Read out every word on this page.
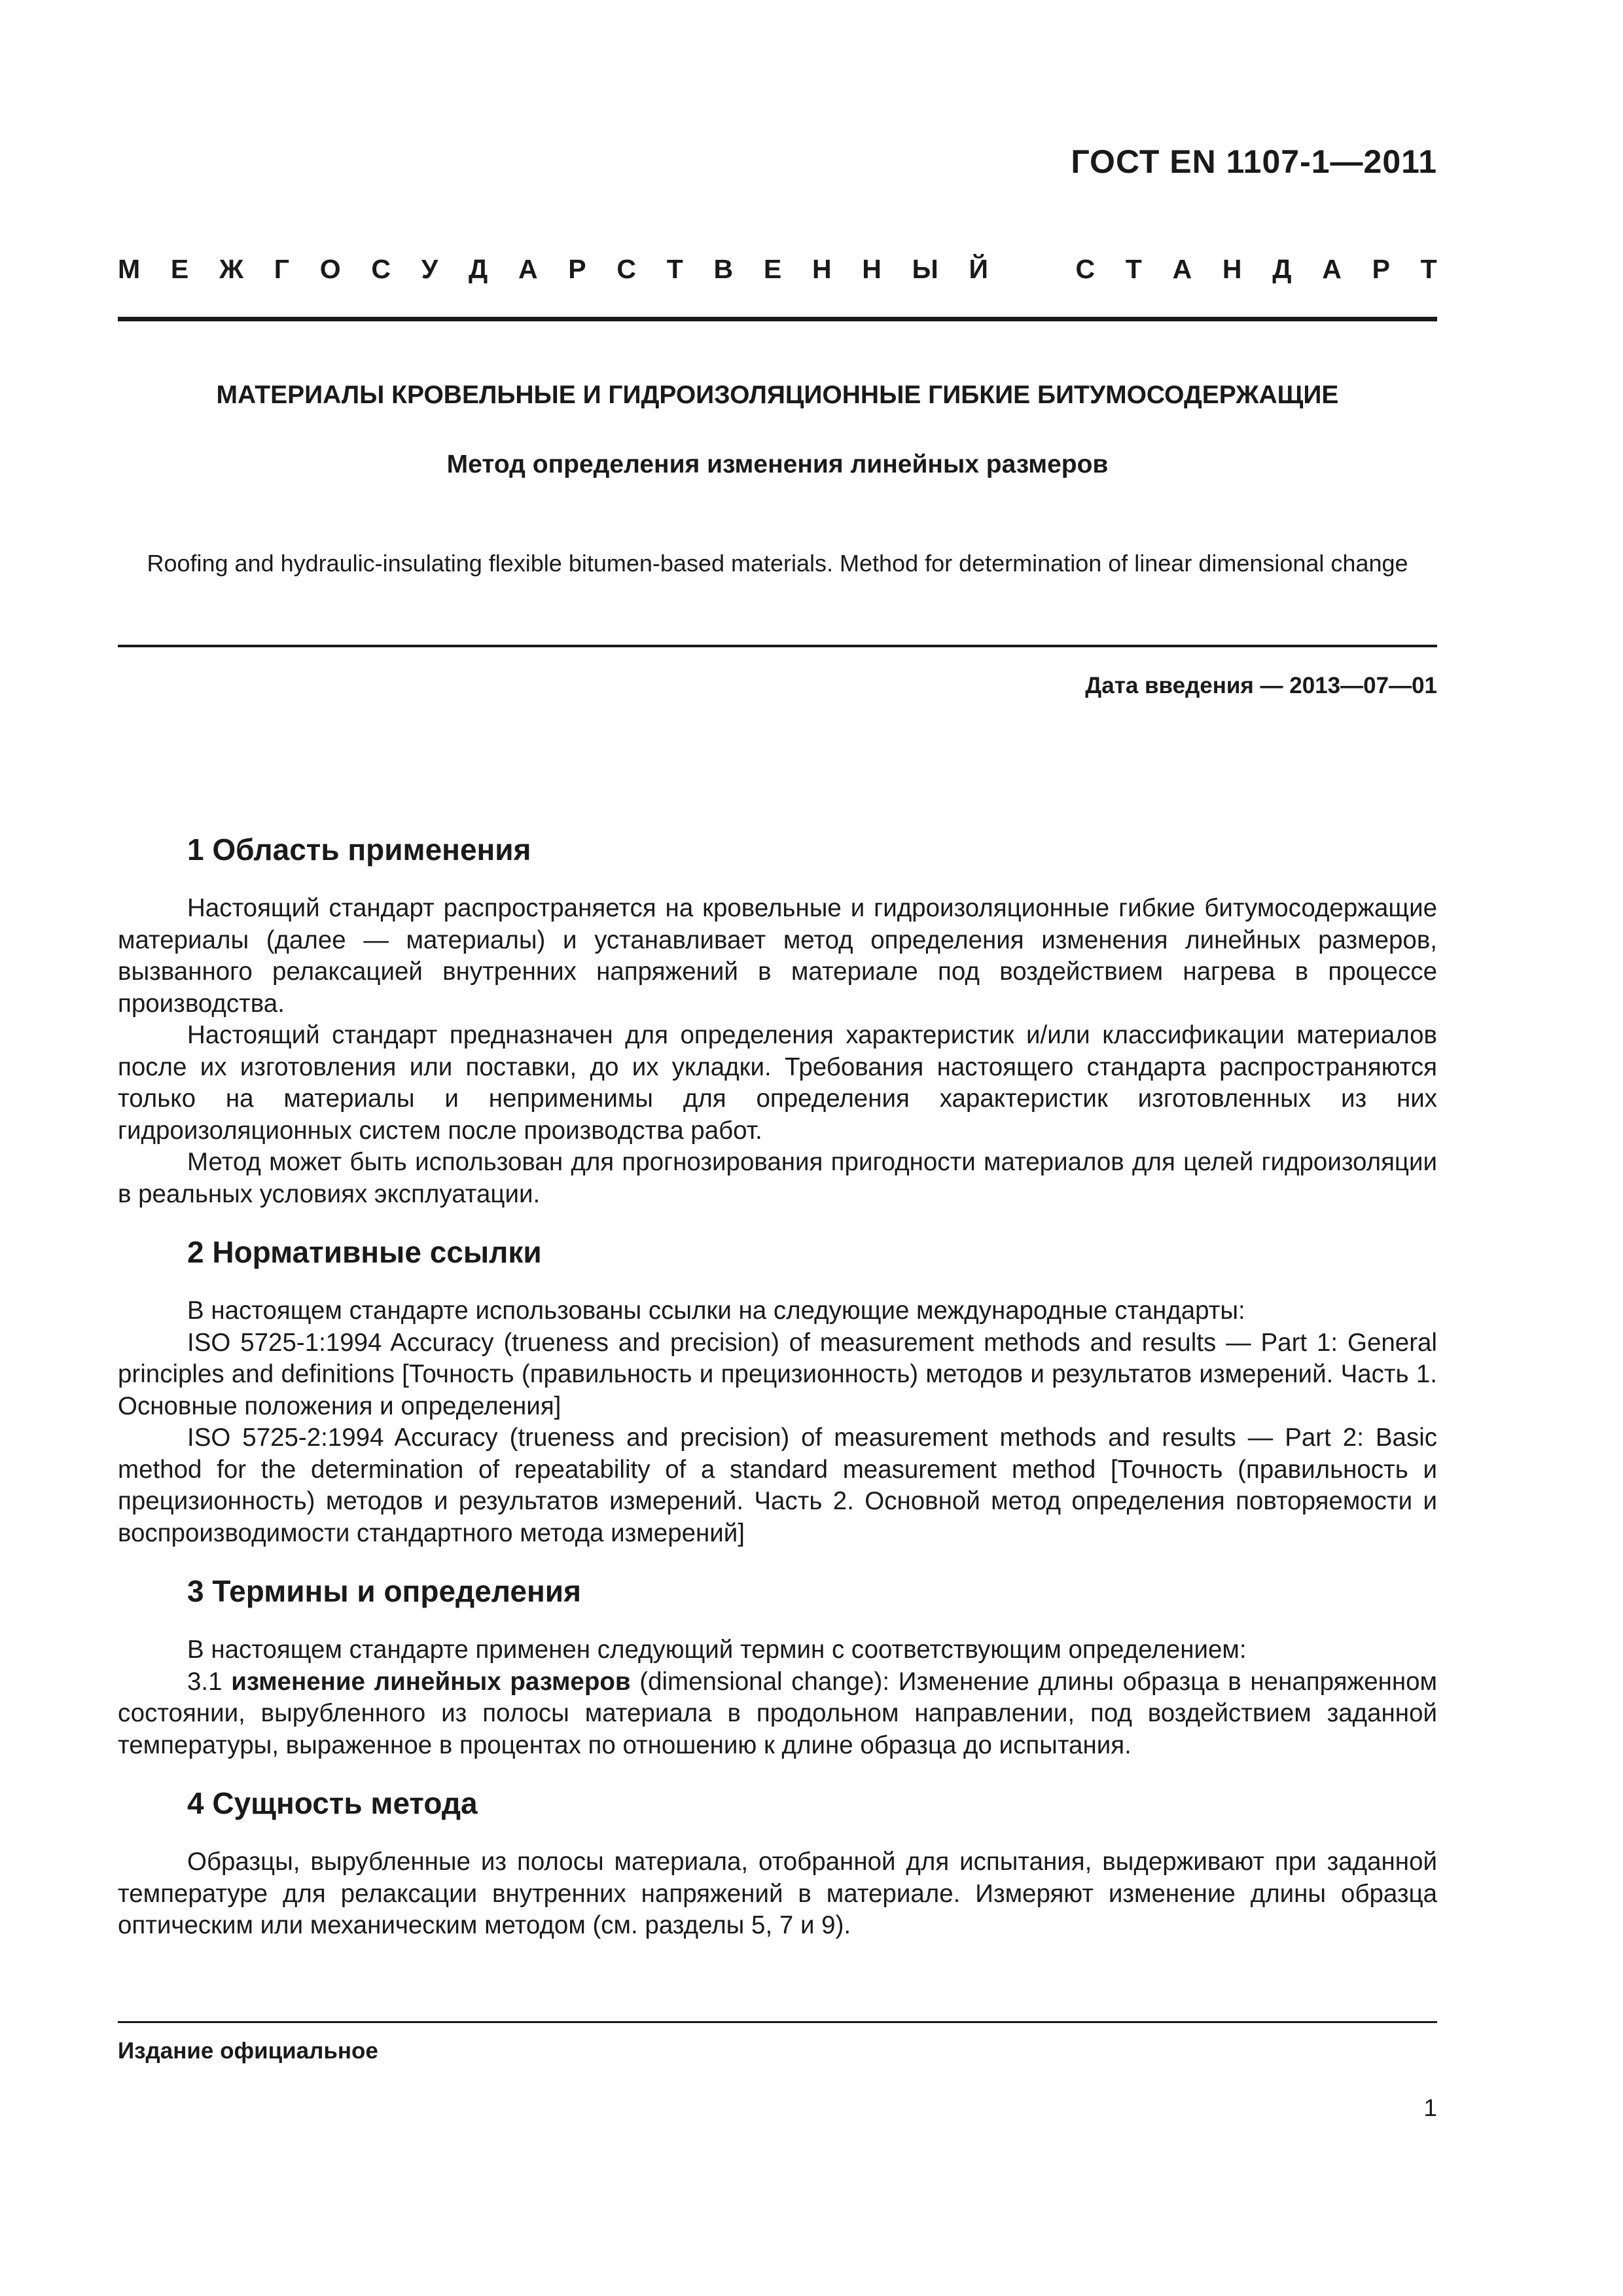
ГОСТ EN 1107-1—2011
М Е Ж Г О С У Д А Р С Т В Е Н Н Ы Й
	С Т А Н Д А Р Т
МАТЕРИАЛЫ КРОВЕЛЬНЫЕ И ГИДРОИЗОЛЯЦИОННЫЕ ГИБКИЕ БИТУМОСОДЕРЖАЩИЕ
Метод определения изменения линейных размеров
Roofing and hydraulic-insulating flexible bitumen-based materials. Method for determination of linear dimensional change
Дата введения — 2013—07—01
1 Область применения

Настоящий стандарт распространяется на кровельные и гидроизоляционные гибкие битумосодержащие материалы (далее — материалы) и устанавливает метод определения изменения линейных размеров, вызванного релаксацией внутренних напряжений в материале под воздействием нагрева в процессе производства.

Настоящий стандарт предназначен для определения характеристик и/или классификации материалов после их изготовления или поставки, до их укладки. Требования настоящего стандарта распространяются только на материалы и неприменимы для определения характеристик изготовленных из них гидроизоляционных систем после производства работ.

Метод может быть использован для прогнозирования пригодности материалов для целей гидроизоляции в реальных условиях эксплуатации.

2 Нормативные ссылки

В настоящем стандарте использованы ссылки на следующие международные стандарты:

ISO 5725-1:1994 Accuracy (trueness and precision) of measurement methods and results — Part 1: General principles and definitions [Точность (правильность и прецизионность) методов и результатов измерений. Часть 1. Основные положения и определения]

ISO 5725-2:1994 Accuracy (trueness and precision) of measurement methods and results — Part 2: Basic method for the determination of repeatability of a standard measurement method [Точность (правильность и прецизионность) методов и результатов измерений. Часть 2. Основной метод определения повторяемости и воспроизводимости стандартного метода измерений]

3 Термины и определения

В настоящем стандарте применен следующий термин с соответствующим определением:

3.1 изменение линейных размеров (dimensional change): Изменение длины образца в ненапряженном состоянии, вырубленного из полосы материала в продольном направлении, под воздействием заданной температуры, выраженное в процентах по отношению к длине образца до испытания.

4 Сущность метода

Образцы, вырубленные из полосы материала, отобранной для испытания, выдерживают при заданной температуре для релаксации внутренних напряжений в материале. Измеряют изменение длины образца оптическим или механическим методом (см. разделы 5, 7 и 9).

Издание официальное
1
